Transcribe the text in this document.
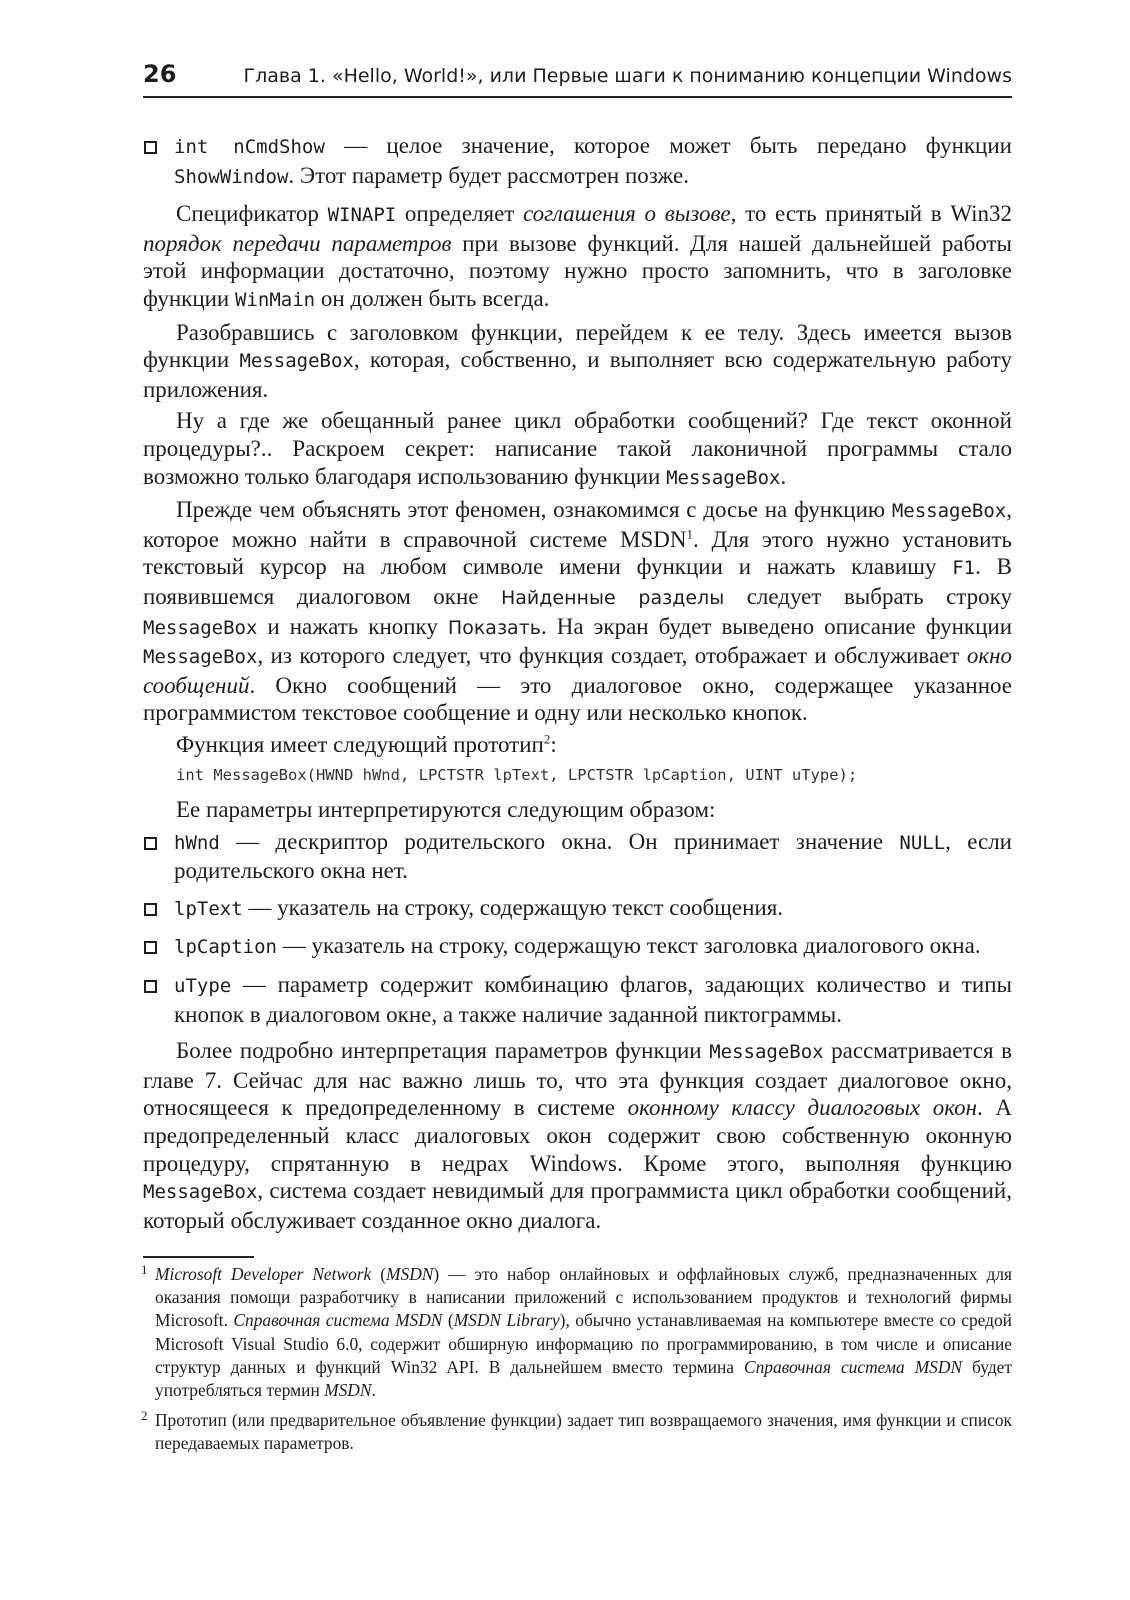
26	Глава 1. «Hello, World!», или Первые шаги к пониманию концепции Windows
int nCmdShow — целое значение, которое может быть передано функции ShowWindow. Этот параметр будет рассмотрен позже.

Спецификатор WINAPI определяет соглашения о вызове, то есть принятый в Win32 порядок передачи параметров при вызове функций. Для нашей дальнейшей работы этой информации достаточно, поэтому нужно просто запомнить, что в заголовке функции WinMain он должен быть всегда.

Разобравшись с заголовком функции, перейдем к ее телу. Здесь имеется вызов функции MessageBox, которая, собственно, и выполняет всю содержательную работу приложения.

Ну а где же обещанный ранее цикл обработки сообщений? Где текст оконной процедуры?.. Раскроем секрет: написание такой лаконичной программы стало возможно только благодаря использованию функции MessageBox.

Прежде чем объяснять этот феномен, ознакомимся с досье на функцию MessageBox, которое можно найти в справочной системе MSDN$^1$. Для этого нужно установить текстовый курсор на любом символе имени функции и нажать клавишу F1. В появившемся диалоговом окне Найденные разделы следует выбрать строку MessageBox и нажать кнопку Показать. На экран будет выведено описание функции MessageBox, из которого следует, что функция создает, отображает и обслуживает окно сообщений. Окно сообщений — это диалоговое окно, содержащее указанное программистом текстовое сообщение и одну или несколько кнопок.

Функция имеет следующий прототип$^2$:

int MessageBox(HWND hWnd, LPCTSTR lpText, LPCTSTR lpCaption, UINT uType);

Ее параметры интерпретируются следующим образом:

hWnd — дескриптор родительского окна. Он принимает значение NULL, если родительского окна нет.
lpText — указатель на строку, содержащую текст сообщения.
lpCaption — указатель на строку, содержащую текст заголовка диалогового окна.
uType — параметр содержит комбинацию флагов, задающих количество и типы кнопок в диалоговом окне, а также наличие заданной пиктограммы.

Более подробно интерпретация параметров функции MessageBox рассматривается в главе 7. Сейчас для нас важно лишь то, что эта функция создает диалоговое окно, относящееся к предопределенному в системе оконному классу диалоговых окон. А предопределенный класс диалоговых окон содержит свою собственную оконную процедуру, спрятанную в недрах Windows. Кроме этого, выполняя функцию MessageBox, система создает невидимый для программиста цикл обработки сообщений, который обслуживает созданное окно диалога.

1 Microsoft Developer Network (MSDN) — это набор онлайновых и оффлайновых служб, предназначенных для оказания помощи разработчику в написании приложений с использованием продуктов и технологий фирмы Microsoft. Справочная система MSDN (MSDN Library), обычно устанавливаемая на компьютере вместе со средой Microsoft Visual Studio 6.0, содержит обширную информацию по программированию, в том числе и описание структур данных и функций Win32 API. В дальнейшем вместо термина Справочная система MSDN будет употребляться термин MSDN.

2 Прототип (или предварительное объявление функции) задает тип возвращаемого значения, имя функции и список передаваемых параметров.
